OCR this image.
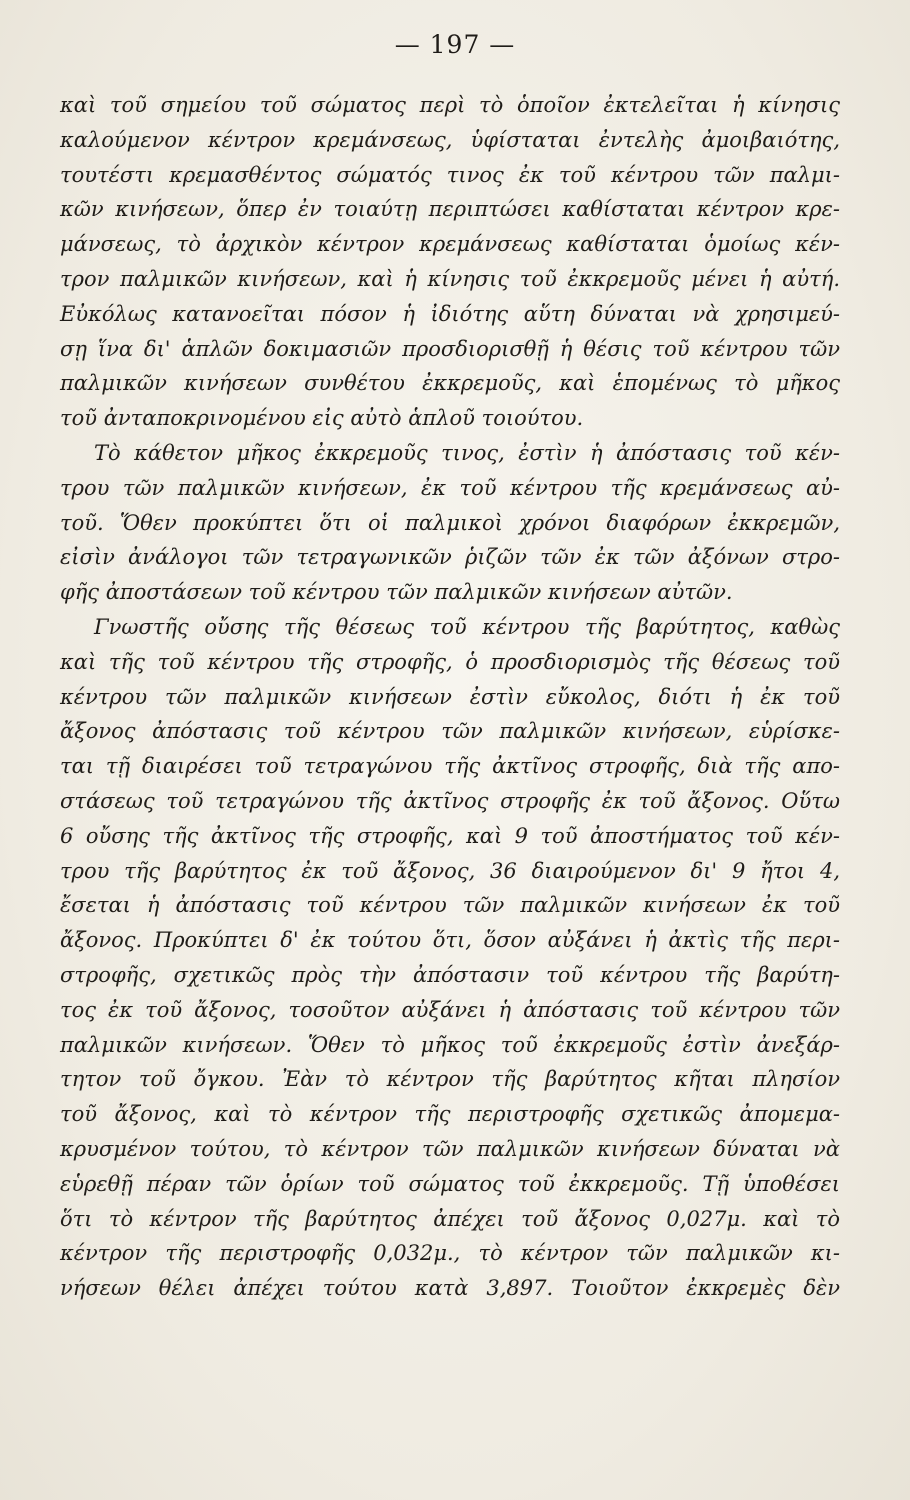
— 197 —
καὶ τοῦ σημείου τοῦ σώματος περὶ τὸ ὁποῖον ἐκτελεῖται ἡ κίνησις
καλούμενον κέντρον κρεμάνσεως, ὑφίσταται ἐντελὴς ἀμοιβαιότης,
τουτέστι κρεμασθέντος σώματός τινος ἐκ τοῦ κέντρου τῶν παλμι-
κῶν κινήσεων, ὅπερ ἐν τοιαύτῃ περιπτώσει καθίσταται κέντρον κρε-
μάνσεως, τὸ ἀρχικὸν κέντρον κρεμάνσεως καθίσταται ὁμοίως κέν-
τρον παλμικῶν κινήσεων, καὶ ἡ κίνησις τοῦ ἐκκρεμοῦς μένει ἡ αὐτή.
Εὐκόλως κατανοεῖται πόσον ἡ ἰδιότης αὕτη δύναται νὰ χρησιμεύ-
σῃ ἵνα δι' ἁπλῶν δοκιμασιῶν προσδιορισθῇ ἡ θέσις τοῦ κέντρου τῶν
παλμικῶν κινήσεων συνθέτου ἐκκρεμοῦς, καὶ ἑπομένως τὸ μῆκος
τοῦ ἀνταποκρινομένου εἰς αὐτὸ ἁπλοῦ τοιούτου.
Τὸ κάθετον μῆκος ἐκκρεμοῦς τινος, ἐστὶν ἡ ἀπόστασις τοῦ κέν-
τρου τῶν παλμικῶν κινήσεων, ἐκ τοῦ κέντρου τῆς κρεμάνσεως αὐ-
τοῦ. Ὅθεν προκύπτει ὅτι οἱ παλμικοὶ χρόνοι διαφόρων ἐκκρεμῶν,
εἰσὶν ἀνάλογοι τῶν τετραγωνικῶν ῥιζῶν τῶν ἐκ τῶν ἀξόνων στρο-
φῆς ἀποστάσεων τοῦ κέντρου τῶν παλμικῶν κινήσεων αὐτῶν.
Γνωστῆς οὔσης τῆς θέσεως τοῦ κέντρου τῆς βαρύτητος, καθὼς
καὶ τῆς τοῦ κέντρου τῆς στροφῆς, ὁ προσδιορισμὸς τῆς θέσεως τοῦ
κέντρου τῶν παλμικῶν κινήσεων ἐστὶν εὔκολος, διότι ἡ ἐκ τοῦ
ἄξονος ἀπόστασις τοῦ κέντρου τῶν παλμικῶν κινήσεων, εὑρίσκε-
ται τῇ διαιρέσει τοῦ τετραγώνου τῆς ἀκτῖνος στροφῆς, διὰ τῆς απο-
στάσεως τοῦ τετραγώνου τῆς ἀκτῖνος στροφῆς ἐκ τοῦ ἄξονος. Οὕτω
6 οὔσης τῆς ἀκτῖνος τῆς στροφῆς, καὶ 9 τοῦ ἀποστήματος τοῦ κέν-
τρου τῆς βαρύτητος ἐκ τοῦ ἄξονος, 36 διαιρούμενον δι' 9 ἤτοι 4,
ἔσεται ἡ ἀπόστασις τοῦ κέντρου τῶν παλμικῶν κινήσεων ἐκ τοῦ
ἄξονος. Προκύπτει δ' ἐκ τούτου ὅτι, ὅσον αὐξάνει ἡ ἀκτὶς τῆς περι-
στροφῆς, σχετικῶς πρὸς τὴν ἀπόστασιν τοῦ κέντρου τῆς βαρύτη-
τος ἐκ τοῦ ἄξονος, τοσοῦτον αὐξάνει ἡ ἀπόστασις τοῦ κέντρου τῶν
παλμικῶν κινήσεων. Ὅθεν τὸ μῆκος τοῦ ἐκκρεμοῦς ἐστὶν ἀνεξάρ-
τητον τοῦ ὄγκου. Ἐὰν τὸ κέντρον τῆς βαρύτητος κῆται πλησίον
τοῦ ἄξονος, καὶ τὸ κέντρον τῆς περιστροφῆς σχετικῶς ἀπομεμα-
κρυσμένον τούτου, τὸ κέντρον τῶν παλμικῶν κινήσεων δύναται νὰ
εὑρεθῇ πέραν τῶν ὁρίων τοῦ σώματος τοῦ ἐκκρεμοῦς. Τῇ ὑποθέσει
ὅτι τὸ κέντρον τῆς βαρύτητος ἀπέχει τοῦ ἄξονος 0,027μ. καὶ τὸ
κέντρον τῆς περιστροφῆς 0,032μ., τὸ κέντρον τῶν παλμικῶν κι-
νήσεων θέλει ἀπέχει τούτου κατὰ 3,897. Τοιοῦτον ἐκκρεμὲς δὲν
